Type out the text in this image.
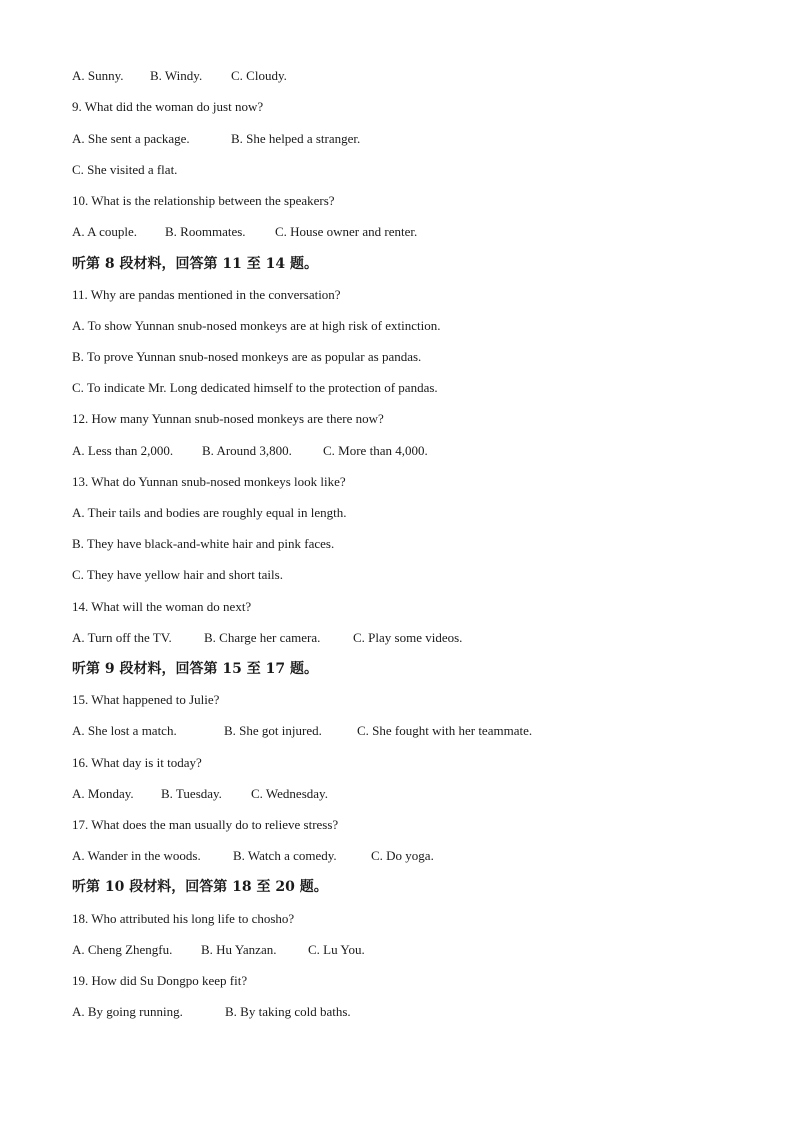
A. Sunny. B. Windy. C. Cloudy.
9. What did the woman do just now?
A. She sent a package.	B. She helped a stranger.
C. She visited a flat.
10. What is the relationship between the speakers?
A. A couple. B. Roommates. C. House owner and renter.
听第 8 段材料，回答第 11 至 14 题。
11. Why are pandas mentioned in the conversation?
A. To show Yunnan snub-nosed monkeys are at high risk of extinction.
B. To prove Yunnan snub-nosed monkeys are as popular as pandas.
C. To indicate Mr. Long dedicated himself to the protection of pandas.
12. How many Yunnan snub-nosed monkeys are there now?
A. Less than 2,000. B. Around 3,800. C. More than 4,000.
13. What do Yunnan snub-nosed monkeys look like?
A. Their tails and bodies are roughly equal in length.
B. They have black-and-white hair and pink faces.
C. They have yellow hair and short tails.
14. What will the woman do next?
A. Turn off the TV. B. Charge her camera.	C. Play some videos.
听第 9 段材料，回答第 15 至 17 题。
15. What happened to Julie?
A. She lost a match.	B. She got injured.	C. She fought with her teammate.
16. What day is it today?
A. Monday. B. Tuesday. C. Wednesday.
17. What does the man usually do to relieve stress?
A. Wander in the woods. B. Watch a comedy.	C. Do yoga.
听第 10 段材料，回答第 18 至 20 题。
18. Who attributed his long life to chosho?
A. Cheng Zhengfu. B. Hu Yanzan. C. Lu You.
19. How did Su Dongpo keep fit?
A. By going running.	B. By taking cold baths.
